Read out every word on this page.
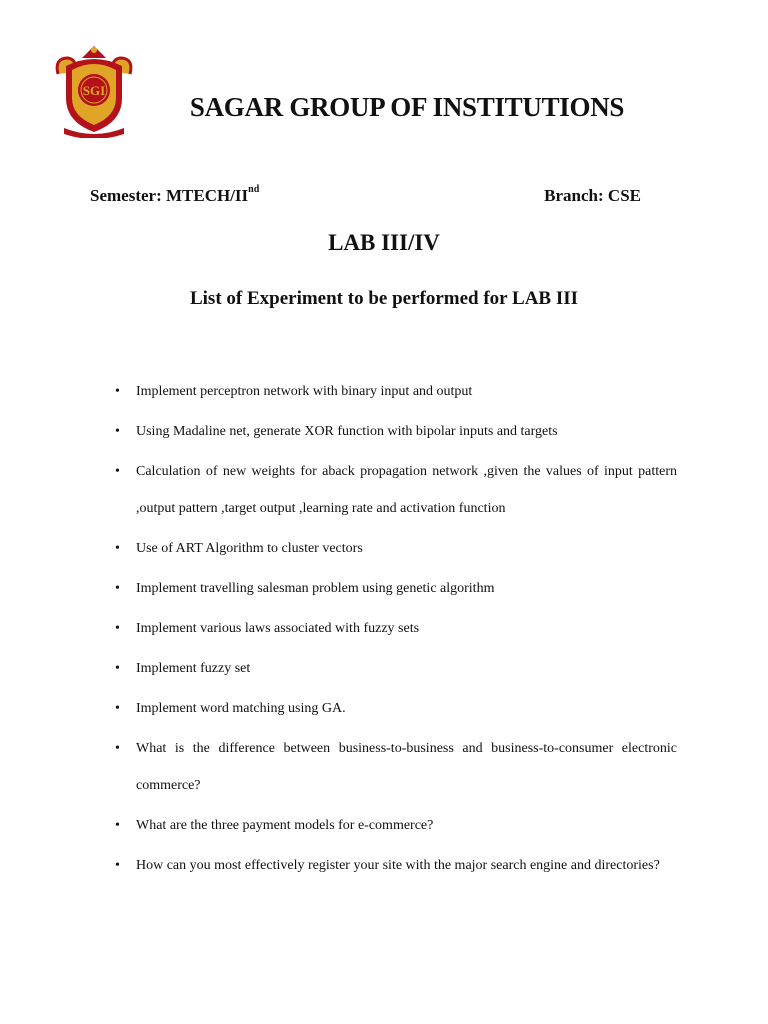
SGI
SAGAR GROUP OF INSTITUTIONS
Semester: MTECH/IInd	Branch: CSE
LAB III/IV
List of Experiment to be performed for LAB III
• Implement perceptron network with binary input and output
• Using Madaline net, generate XOR function with bipolar inputs and targets
• Calculation of new weights for aback propagation network ,given the values of input pattern ,output pattern ,target output ,learning rate and activation function
• Use of ART Algorithm to cluster vectors
• Implement travelling salesman problem using genetic algorithm
• Implement various laws associated with fuzzy sets
• Implement fuzzy set
• Implement word matching using GA.
• What is the difference between business-to-business and business-to-consumer electronic commerce?
• What are the three payment models for e-commerce?
• How can you most effectively register your site with the major search engine and directories?
